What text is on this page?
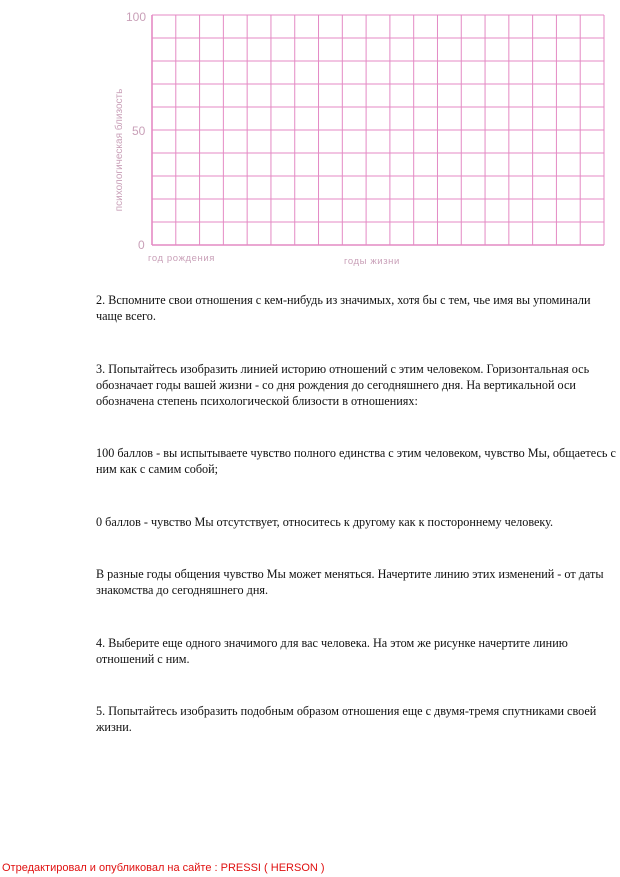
психологическая близость
100
50
0
год рождения	годы жизни

2. Вспомните свои отношения с кем-нибудь из значимых, хотя бы с тем, чье имя вы упоминали чаще всего.

3. Попытайтесь изобразить линией историю отношений с этим человеком. Горизонтальная ось обозначает годы вашей жизни - со дня рождения до сегодняшнего дня. На вертикальной оси обозначена степень психологической близости в отношениях:

100 баллов - вы испытываете чувство полного единства с этим человеком, чувство Мы, общаетесь с ним как с самим собой;

0 баллов - чувство Мы отсутствует, относитесь к другому как к постороннему человеку.

В разные годы общения чувство Мы может меняться. Начертите линию этих изменений - от даты знакомства до сегодняшнего дня.

4. Выберите еще одного значимого для вас человека. На этом же рисунке начертите линию отношений с ним.

5. Попытайтесь изобразить подобным образом отношения еще с двумя-тремя спутниками своей жизни.

Отредактировал и опубликовал на сайте : PRESSI ( HERSON )
